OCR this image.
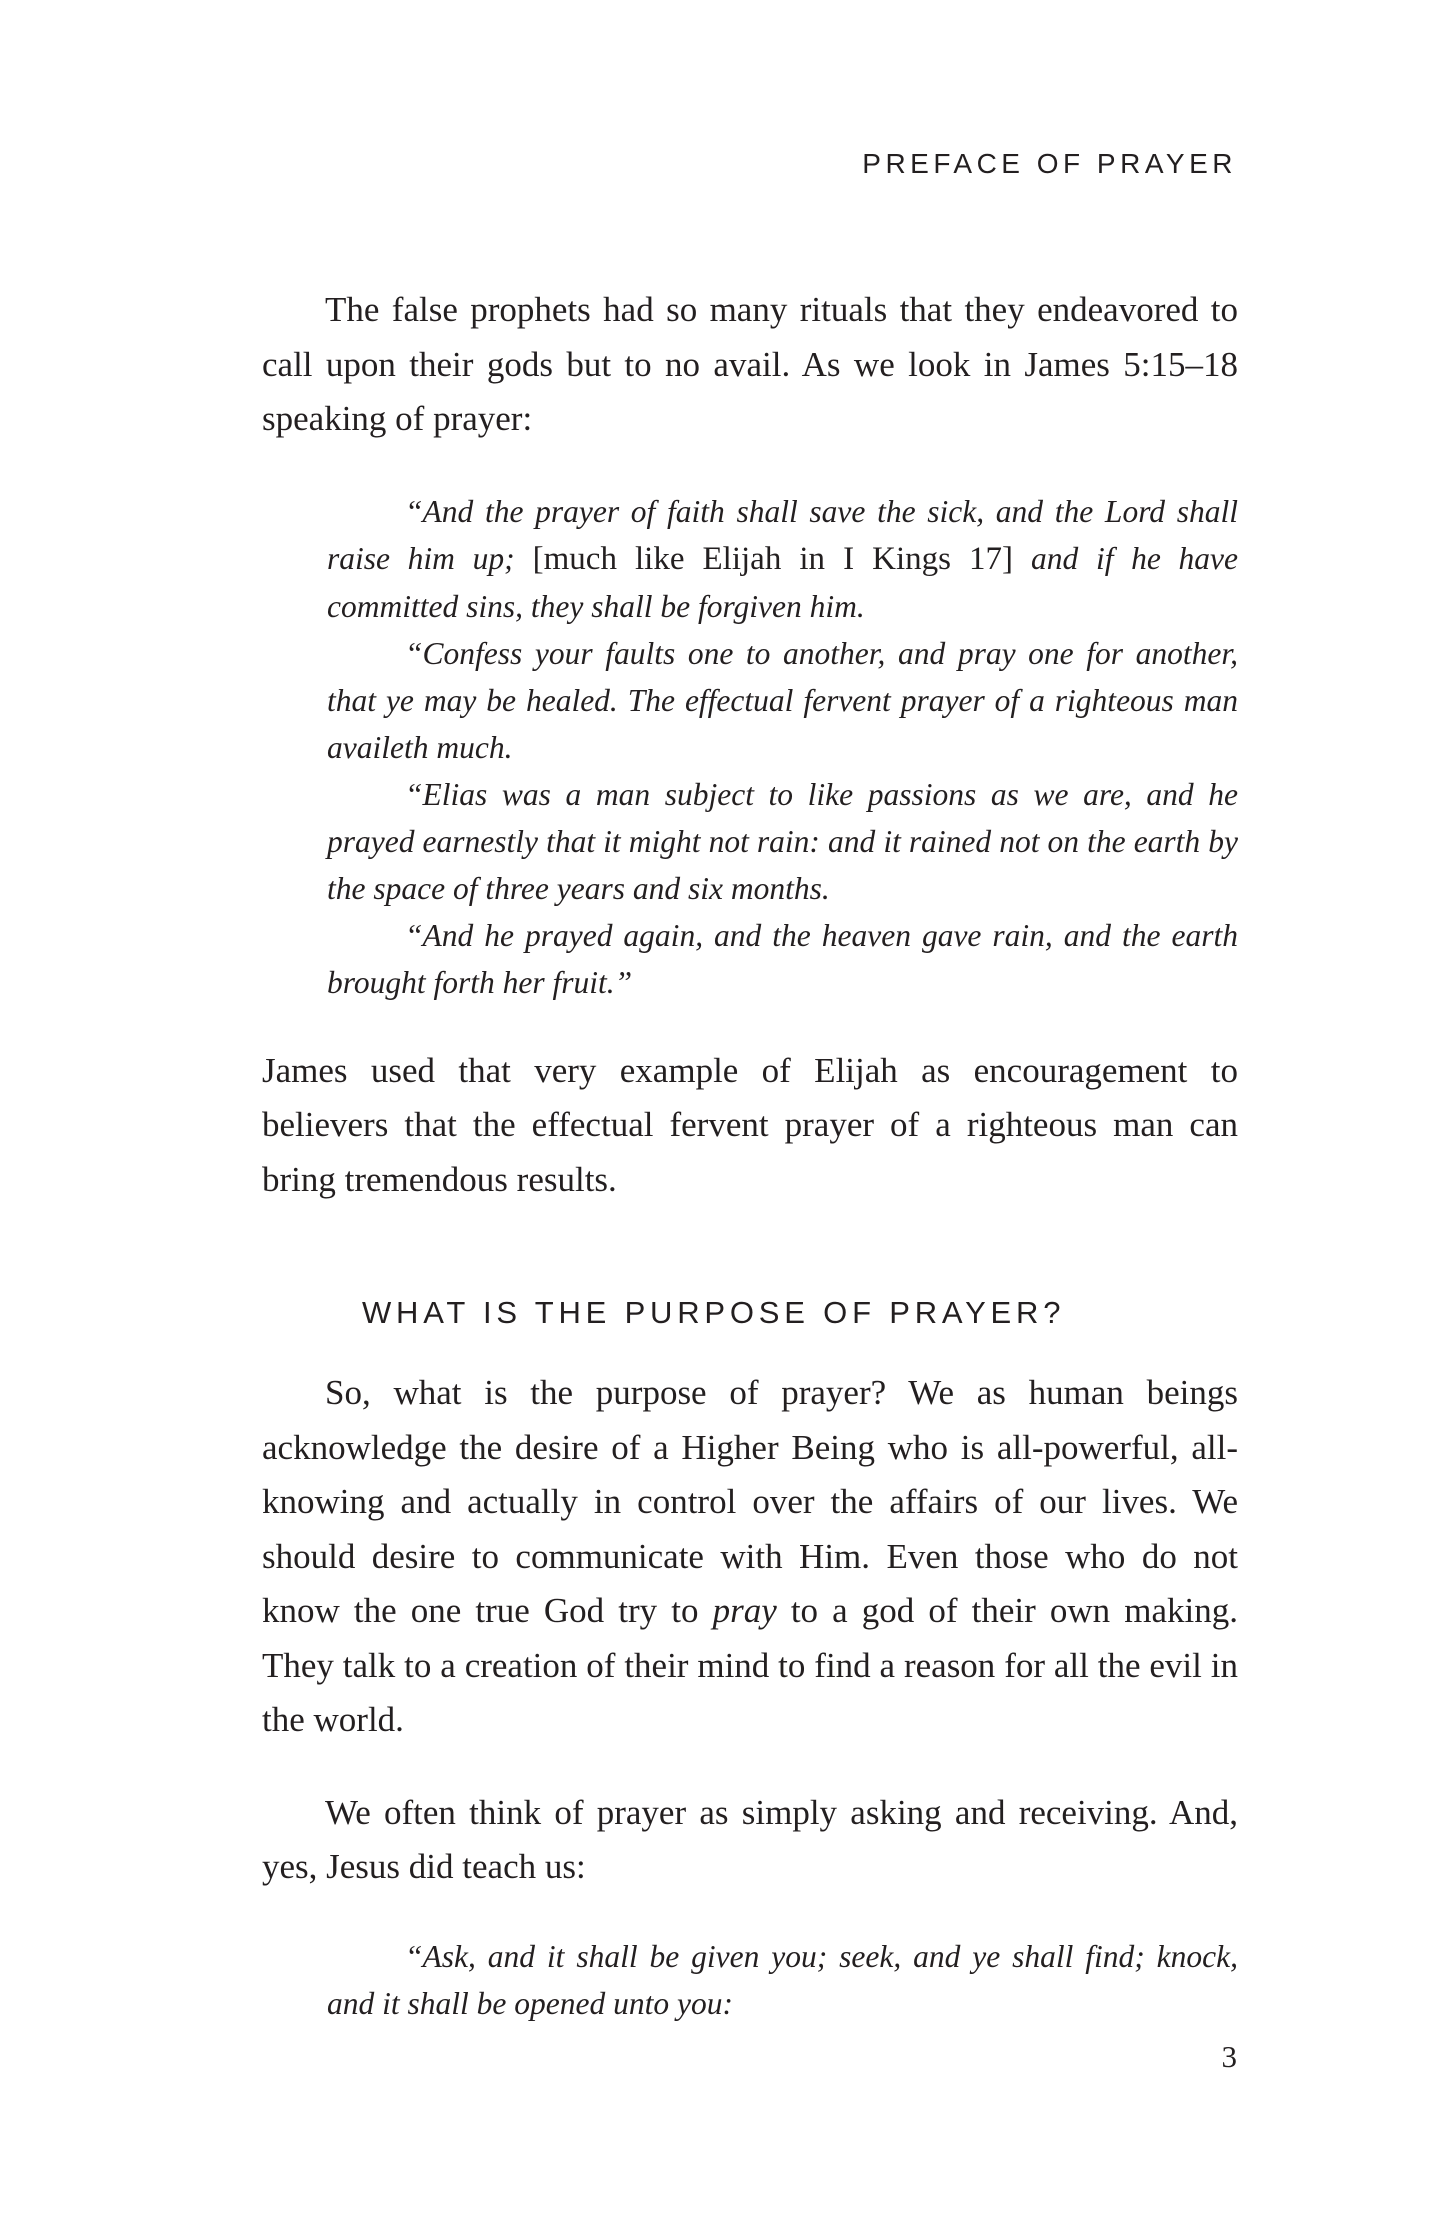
PREFACE OF PRAYER

The false prophets had so many rituals that they endeavored to call upon their gods but to no avail. As we look in James 5:15–18 speaking of prayer:

“And the prayer of faith shall save the sick, and the Lord shall raise him up; [much like Elijah in I Kings 17] and if he have committed sins, they shall be forgiven him.

“Confess your faults one to another, and pray one for another, that ye may be healed. The effectual fervent prayer of a righteous man availeth much.

“Elias was a man subject to like passions as we are, and he prayed earnestly that it might not rain: and it rained not on the earth by the space of three years and six months.

“And he prayed again, and the heaven gave rain, and the earth brought forth her fruit.”

James used that very example of Elijah as encouragement to believers that the effectual fervent prayer of a righteous man can bring tremendous results.

WHAT IS THE PURPOSE OF PRAYER?

So, what is the purpose of prayer? We as human beings acknowledge the desire of a Higher Being who is all-powerful, all-knowing and actually in control over the affairs of our lives. We should desire to communicate with Him. Even those who do not know the one true God try to pray to a god of their own making. They talk to a creation of their mind to find a reason for all the evil in the world.

We often think of prayer as simply asking and receiving. And, yes, Jesus did teach us:

“Ask, and it shall be given you; seek, and ye shall find; knock, and it shall be opened unto you:

3
